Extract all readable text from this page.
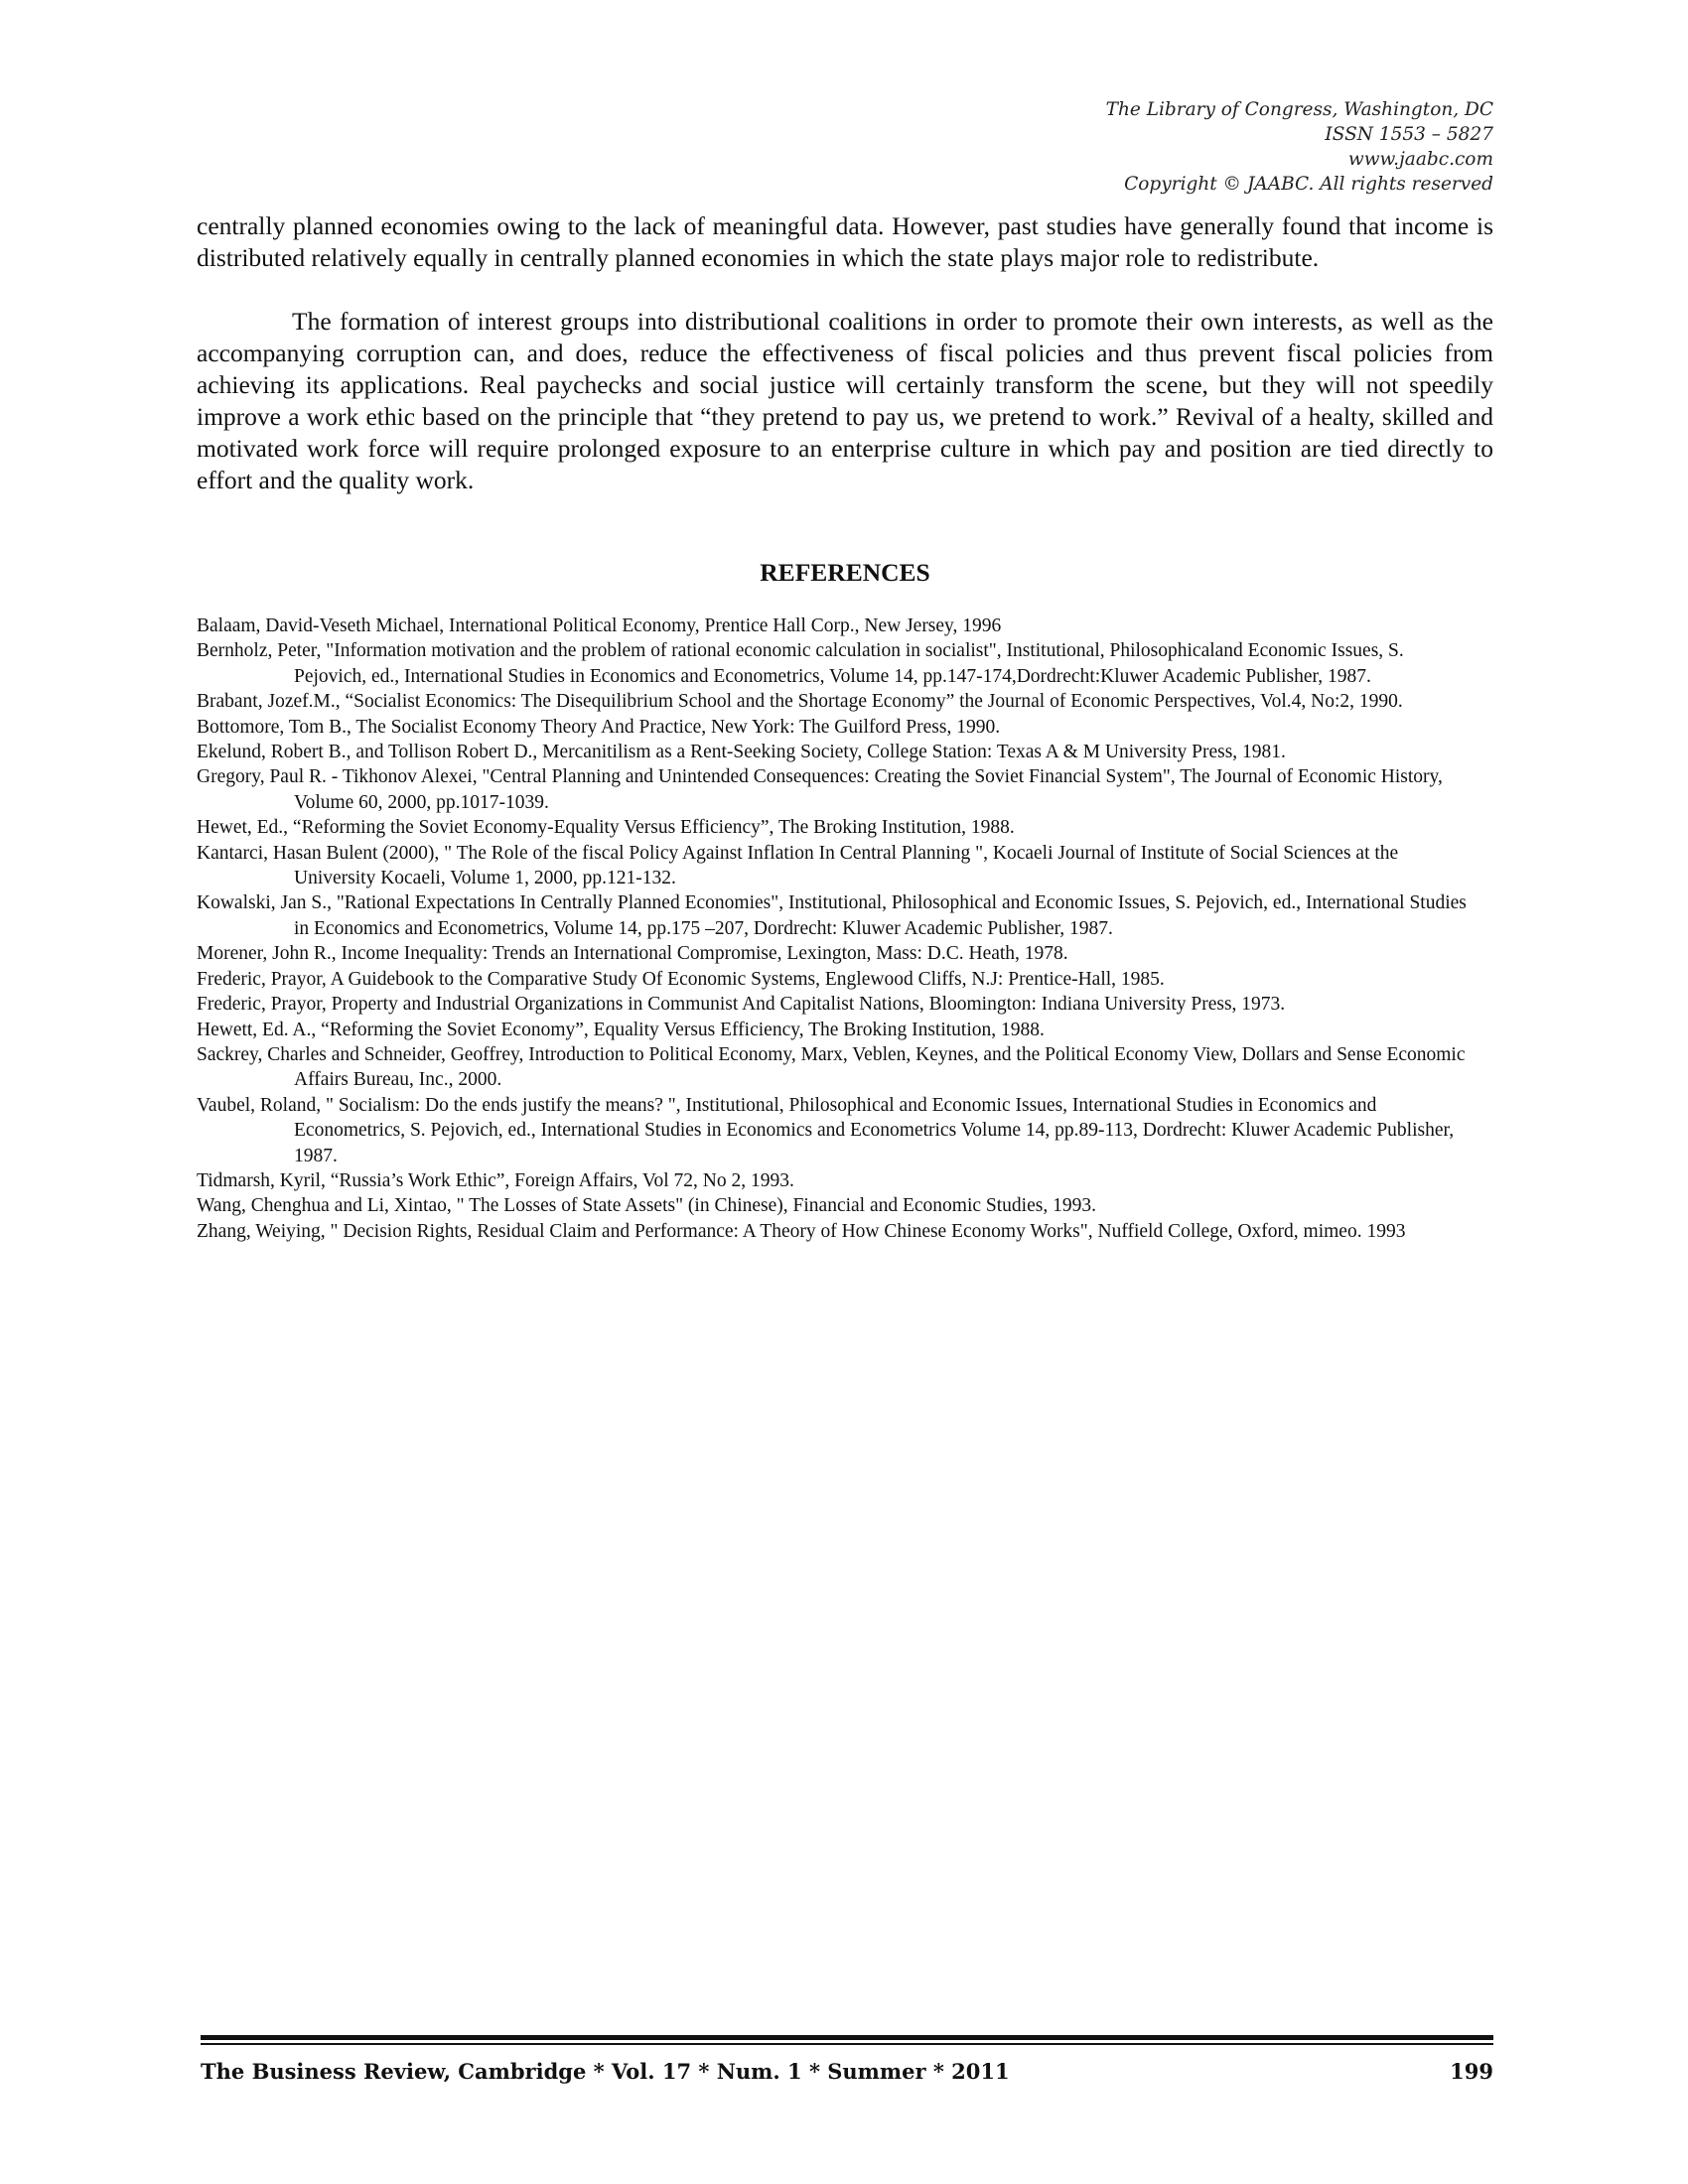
The Library of Congress, Washington, DC
ISSN 1553 – 5827
www.jaabc.com
Copyright © JAABC. All rights reserved

centrally planned economies owing to the lack of meaningful data. However, past studies have generally found that income is distributed relatively equally in centrally planned economies in which the state plays major role to redistribute.

The formation of interest groups into distributional coalitions in order to promote their own interests, as well as the accompanying corruption can, and does, reduce the effectiveness of fiscal policies and thus prevent fiscal policies from achieving its applications. Real paychecks and social justice will certainly transform the scene, but they will not speedily improve a work ethic based on the principle that “they pretend to pay us, we pretend to work.” Revival of a healty, skilled and motivated work force will require prolonged exposure to an enterprise culture in which pay and position are tied directly to effort and the quality work.

REFERENCES
Balaam, David-Veseth Michael, International Political Economy, Prentice Hall Corp., New Jersey, 1996
Bernholz, Peter, "Information motivation and the problem of rational economic calculation in socialist", Institutional, Philosophicaland Economic Issues, S. Pejovich, ed., International Studies in Economics and Econometrics, Volume 14, pp.147-174,Dordrecht:Kluwer Academic Publisher, 1987.
Brabant, Jozef.M., “Socialist Economics: The Disequilibrium School and the Shortage Economy” the Journal of Economic Perspectives, Vol.4, No:2, 1990.
Bottomore, Tom B., The Socialist Economy Theory And Practice, New York: The Guilford Press, 1990.
Ekelund, Robert B., and Tollison Robert D., Mercanitilism as a Rent-Seeking Society, College Station: Texas A & M University Press, 1981.
Gregory, Paul R. - Tikhonov Alexei, "Central Planning and Unintended Consequences: Creating the Soviet Financial System", The Journal of Economic History, Volume 60, 2000, pp.1017-1039.
Hewet, Ed., “Reforming the Soviet Economy-Equality Versus Efficiency”, The Broking Institution, 1988.
Kantarci, Hasan Bulent (2000), " The Role of the fiscal Policy Against Inflation In Central Planning ", Kocaeli Journal of Institute of Social Sciences at the University Kocaeli, Volume 1, 2000, pp.121-132.
Kowalski, Jan S., "Rational Expectations In Centrally Planned Economies", Institutional, Philosophical and Economic Issues, S. Pejovich, ed., International Studies in Economics and Econometrics, Volume 14, pp.175 –207, Dordrecht: Kluwer Academic Publisher, 1987.
Morener, John R., Income Inequality: Trends an International Compromise, Lexington, Mass: D.C. Heath, 1978.
Frederic, Prayor, A Guidebook to the Comparative Study Of Economic Systems, Englewood Cliffs, N.J: Prentice-Hall, 1985.
Frederic, Prayor, Property and Industrial Organizations in Communist And Capitalist Nations, Bloomington: Indiana University Press, 1973.
Hewett, Ed. A., “Reforming the Soviet Economy”, Equality Versus Efficiency, The Broking Institution, 1988.
Sackrey, Charles and Schneider, Geoffrey, Introduction to Political Economy, Marx, Veblen, Keynes, and the Political Economy View, Dollars and Sense Economic Affairs Bureau, Inc., 2000.
Vaubel, Roland, " Socialism: Do the ends justify the means? ", Institutional, Philosophical and Economic Issues, International Studies in Economics and Econometrics, S. Pejovich, ed., International Studies in Economics and Econometrics Volume 14, pp.89-113, Dordrecht: Kluwer Academic Publisher, 1987.
Tidmarsh, Kyril, “Russia’s Work Ethic”, Foreign Affairs, Vol 72, No 2, 1993.
Wang, Chenghua and Li, Xintao, " The Losses of State Assets" (in Chinese), Financial and Economic Studies, 1993.
Zhang, Weiying, " Decision Rights, Residual Claim and Performance: A Theory of How Chinese Economy Works", Nuffield College, Oxford, mimeo. 1993
The Business Review, Cambridge * Vol. 17 * Num. 1 * Summer * 2011	199
